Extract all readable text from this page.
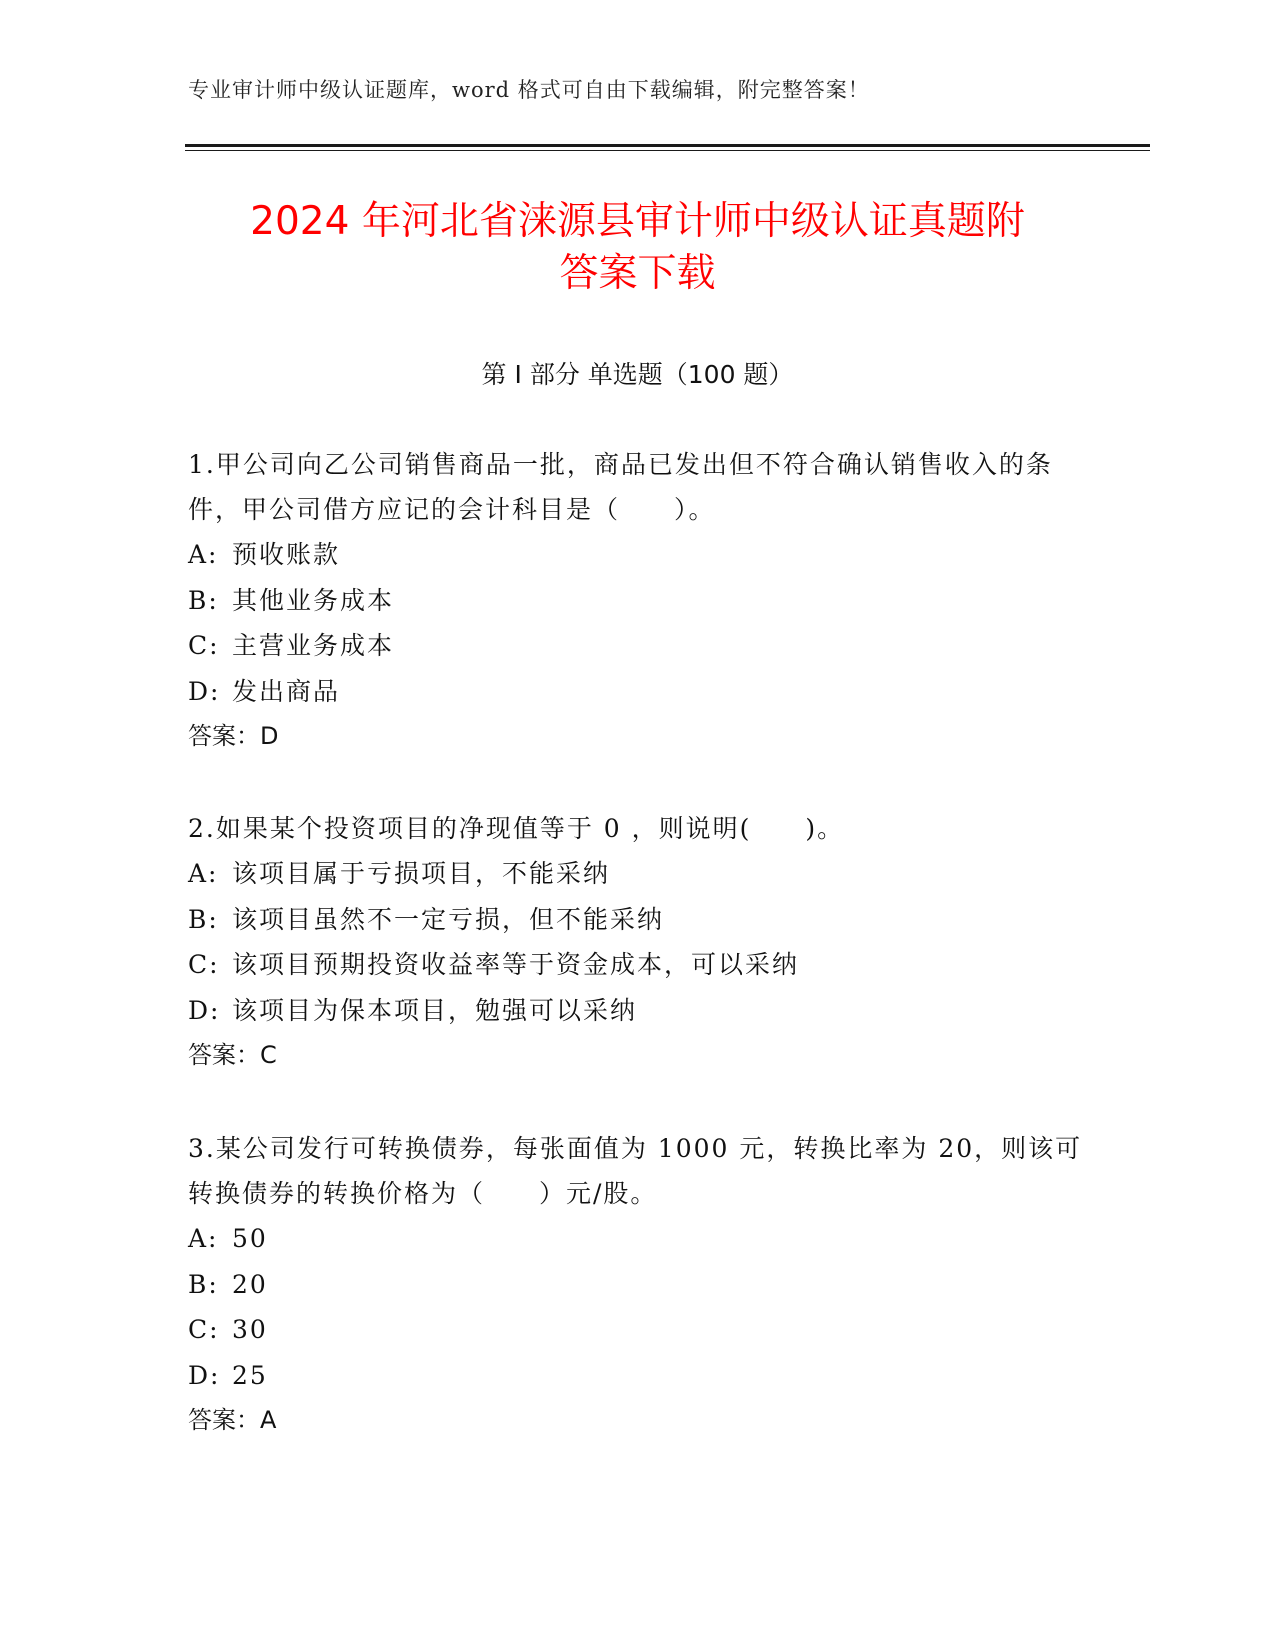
专业审计师中级认证题库，word 格式可自由下载编辑，附完整答案！
2024 年河北省涞源县审计师中级认证真题附
答案下载
第 I 部分 单选题（100 题）

1.甲公司向乙公司销售商品一批，商品已发出但不符合确认销售收入的条件，甲公司借方应记的会计科目是（　　）。

A: 预收账款

B: 其他业务成本

C: 主营业务成本

D: 发出商品

答案：D

2.如果某个投资项目的净现值等于 0 ，则说明(　　)。

A: 该项目属于亏损项目，不能采纳

B: 该项目虽然不一定亏损，但不能采纳

C: 该项目预期投资收益率等于资金成本，可以采纳

D: 该项目为保本项目，勉强可以采纳

答案：C

3.某公司发行可转换债券，每张面值为 1000 元，转换比率为 20，则该可转换债券的转换价格为（　　）元/股。

A: 50

B: 20

C: 30

D: 25

答案：A
